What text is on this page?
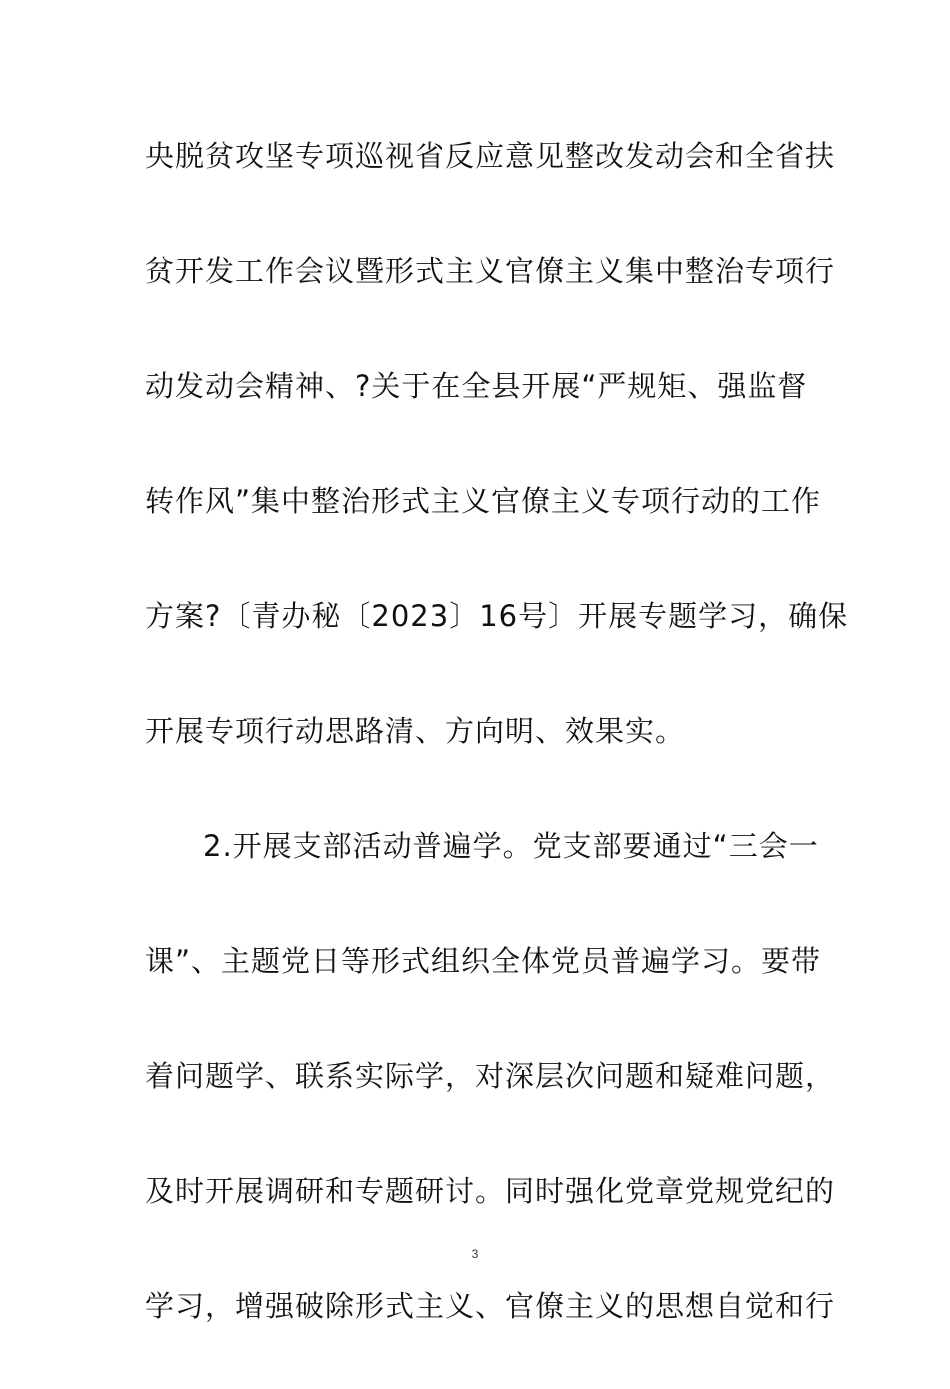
央脱贫攻坚专项巡视省反应意见整改发动会和全省扶
贫开发工作会议暨形式主义官僚主义集中整治专项行
动发动会精神、?关于在全县开展“严规矩、强监督
转作风”集中整治形式主义官僚主义专项行动的工作
方案?〔青办秘〔2023〕16号〕开展专题学习，确保
开展专项行动思路清、方向明、效果实。
2.开展支部活动普遍学。党支部要通过“三会一
课”、主题党日等形式组织全体党员普遍学习。要带
着问题学、联系实际学，对深层次问题和疑难问题，
及时开展调研和专题研讨。同时强化党章党规党纪的
学习，增强破除形式主义、官僚主义的思想自觉和行
3
